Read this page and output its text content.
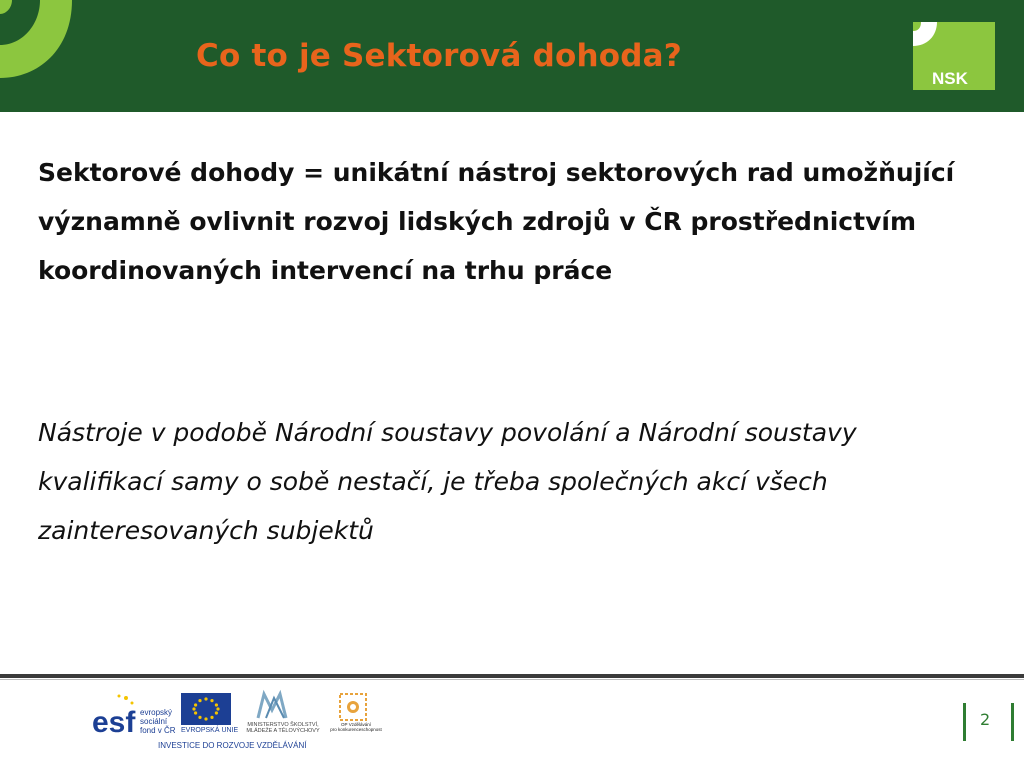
Co to je Sektorová dohoda?
NSK2

Sektorové dohody = unikátní nástroj sektorových rad umožňující významně ovlivnit rozvoj lidských zdrojů v ČR prostřednictvím koordinovaných intervencí na trhu práce

Nástroje v podobě Národní soustavy povolání a Národní soustavy kvalifikací samy o sobě nestačí, je třeba společných akcí všech zainteresovaných subjektů

esf evropský
sociální
fond v ČR EVROPSKÁ UNIE
MINISTERSTVO ŠKOLSTVÍ,
MLÁDEŽE A TĚLOVÝCHOVY
OP Vzdělávání
pro konkurenceschopnost
INVESTICE DO ROZVOJE VZDĚLÁVÁNÍ
2
